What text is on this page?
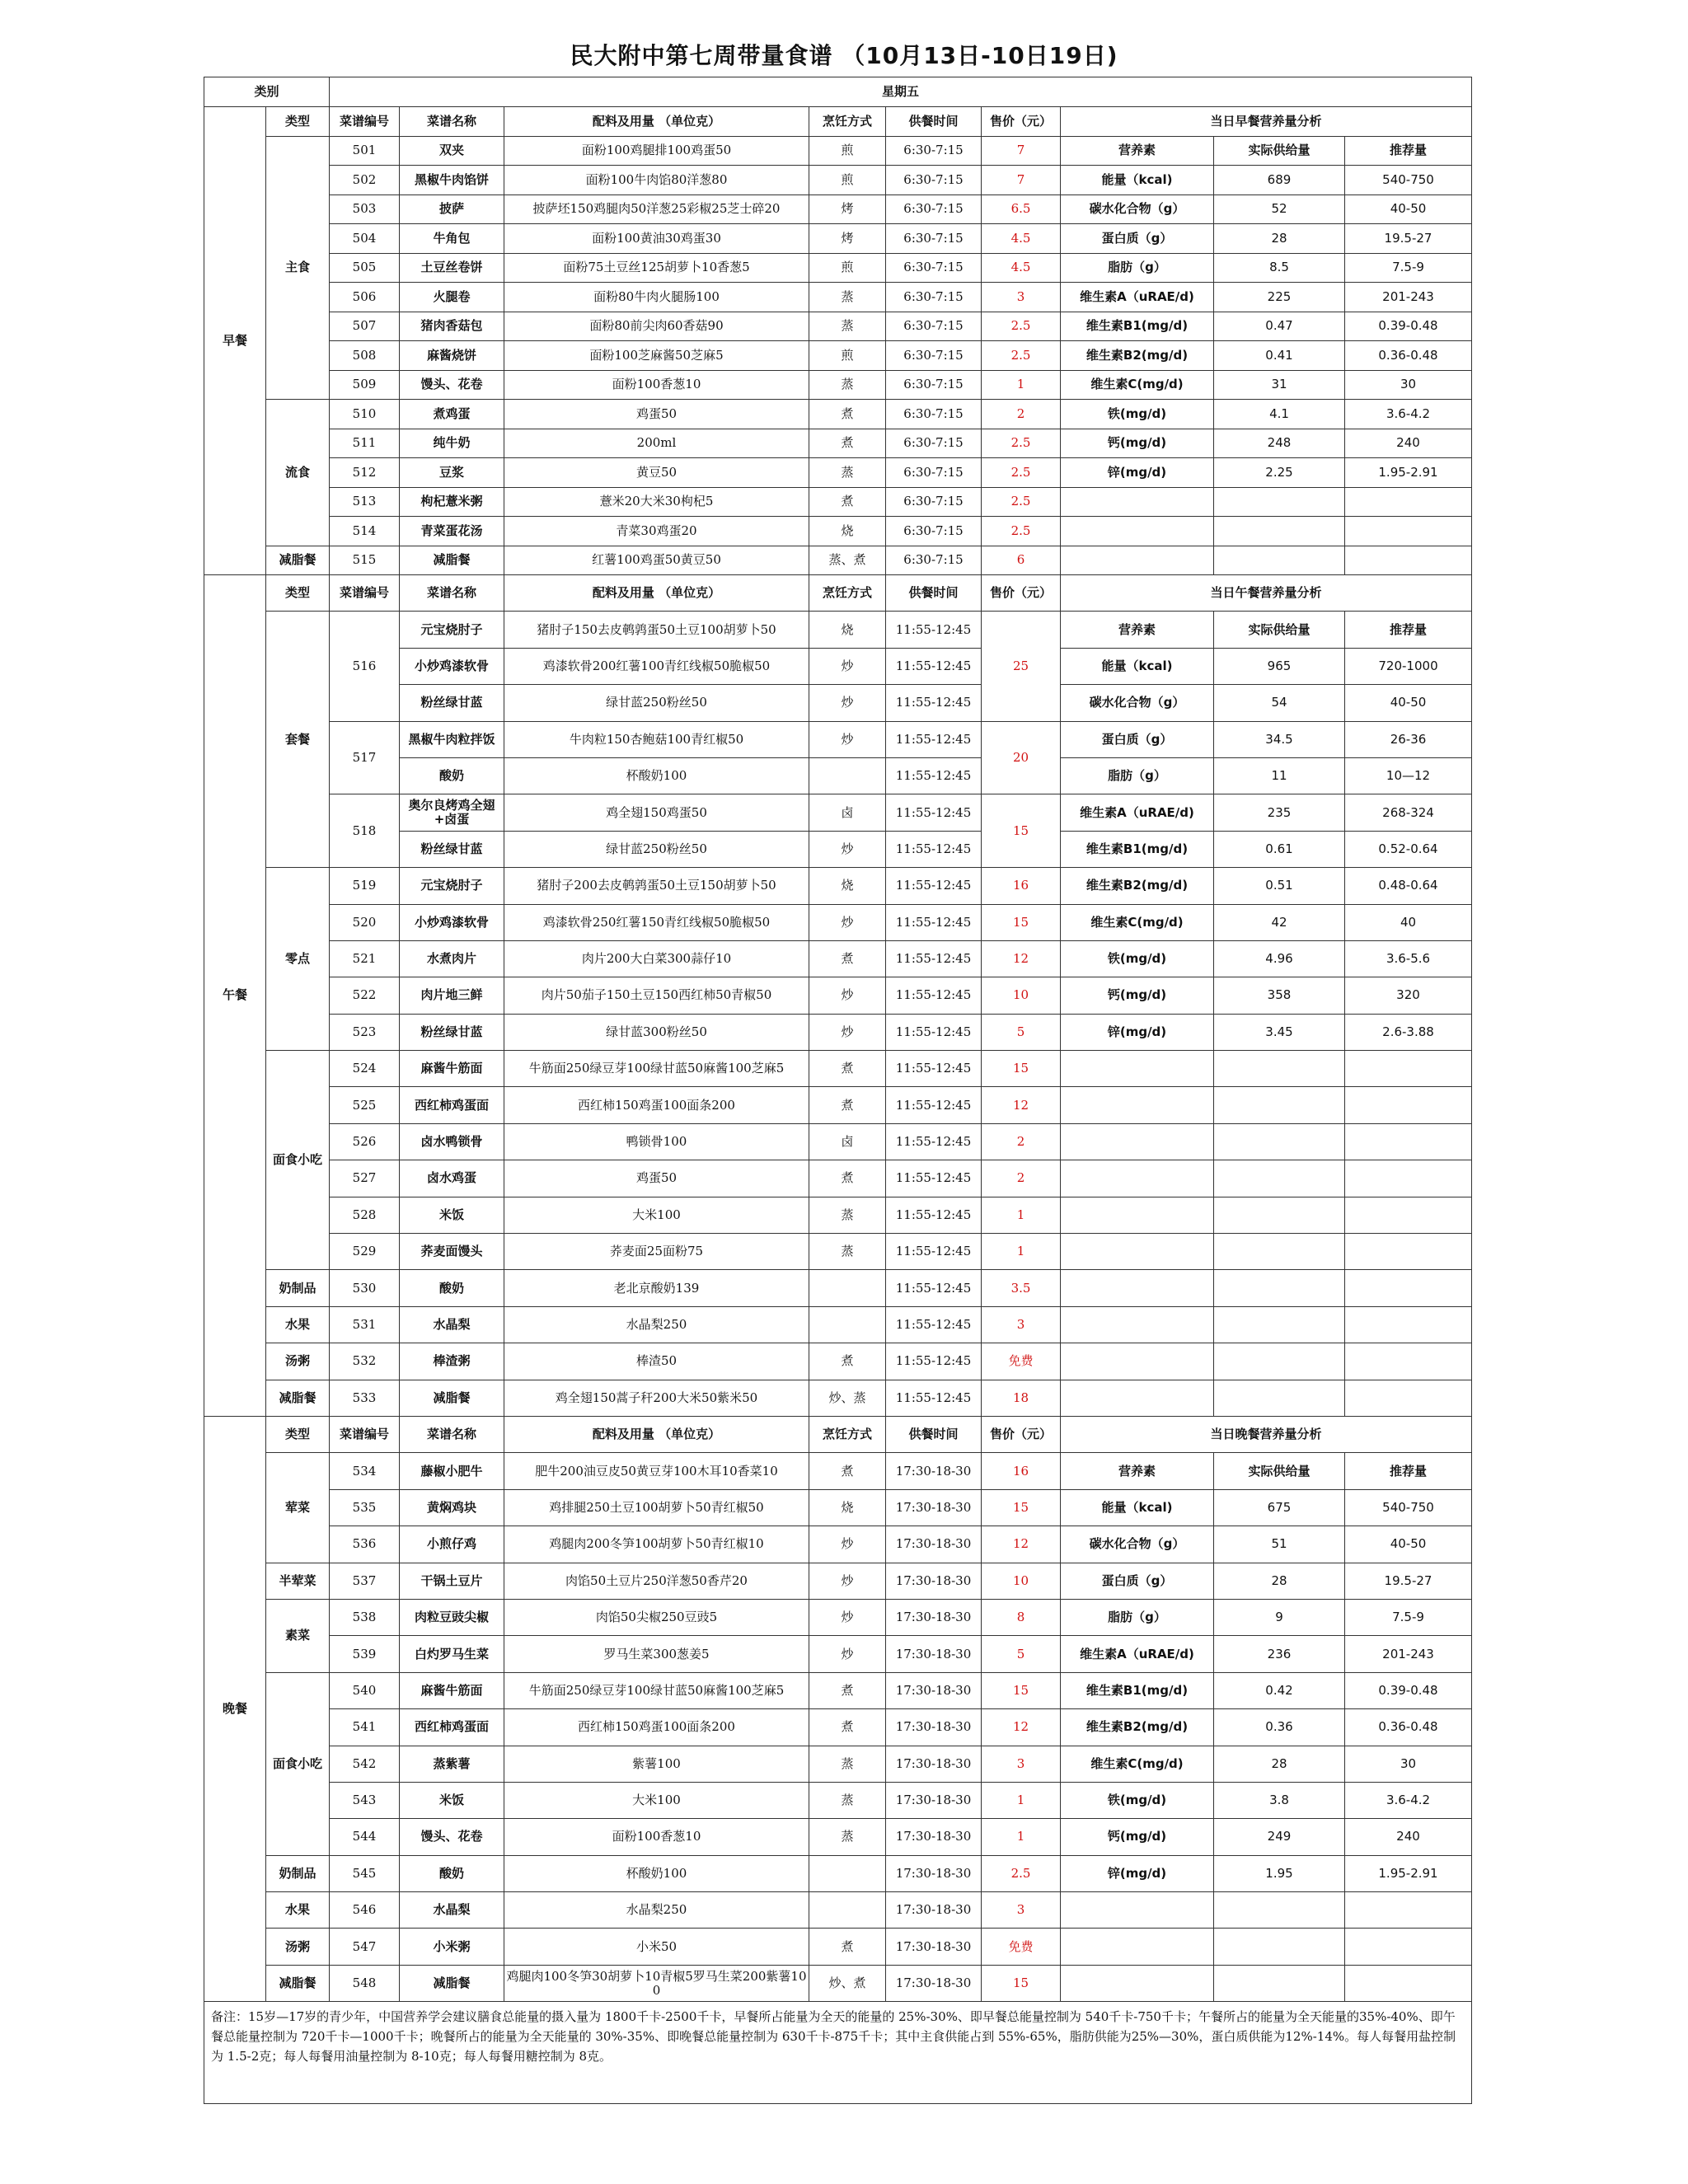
民大附中第七周带量食谱 （10月13日-10日19日)
类别		星期五								
早餐	类型	菜谱编号	菜谱名称	配料及用量 （单位克）	烹饪方式	供餐时间	售价（元）	当日早餐营养量分析		
	主食	501	双夹	面粉100鸡腿排100鸡蛋50	煎	6:30-7:15	7	营养素	实际供给量	推荐量
		502	黑椒牛肉馅饼	面粉100牛肉馅80洋葱80	煎	6:30-7:15	7	能量（kcal)	689	540-750
		503	披萨	披萨坯150鸡腿肉50洋葱25彩椒25芝士碎20	烤	6:30-7:15	6.5	碳水化合物（g）	52	40-50
		504	牛角包	面粉100黄油30鸡蛋30	烤	6:30-7:15	4.5	蛋白质（g）	28	19.5-27
		505	土豆丝卷饼	面粉75土豆丝125胡萝卜10香葱5	煎	6:30-7:15	4.5	脂肪（g）	8.5	7.5-9
		506	火腿卷	面粉80牛肉火腿肠100	蒸	6:30-7:15	3	维生素A（uRAE/d)	225	201-243
		507	猪肉香菇包	面粉80前尖肉60香菇90	蒸	6:30-7:15	2.5	维生素B1(mg/d)	0.47	0.39-0.48
		508	麻酱烧饼	面粉100芝麻酱50芝麻5	煎	6:30-7:15	2.5	维生素B2(mg/d)	0.41	0.36-0.48
		509	馒头、花卷	面粉100香葱10	蒸	6:30-7:15	1	维生素C(mg/d)	31	30
	流食	510	煮鸡蛋	鸡蛋50	煮	6:30-7:15	2	铁(mg/d)	4.1	3.6-4.2
		511	纯牛奶	200ml	煮	6:30-7:15	2.5	钙(mg/d)	248	240
		512	豆浆	黄豆50	蒸	6:30-7:15	2.5	锌(mg/d)	2.25	1.95-2.91
		513	枸杞薏米粥	薏米20大米30枸杞5	煮	6:30-7:15	2.5			
		514	青菜蛋花汤	青菜30鸡蛋20	烧	6:30-7:15	2.5			
	减脂餐	515	减脂餐	红薯100鸡蛋50黄豆50	蒸、煮	6:30-7:15	6			
午餐	类型	菜谱编号	菜谱名称	配料及用量 （单位克）	烹饪方式	供餐时间	售价（元）	当日午餐营养量分析		
	套餐	516	元宝烧肘子	猪肘子150去皮鹌鹑蛋50土豆100胡萝卜50	烧	11:55-12:45	25	营养素	实际供给量	推荐量
			小炒鸡漆软骨	鸡漆软骨200红薯100青红线椒50脆椒50	炒	11:55-12:45		能量（kcal)	965	720-1000
			粉丝绿甘蓝	绿甘蓝250粉丝50	炒	11:55-12:45		碳水化合物（g）	54	40-50
		517	黑椒牛肉粒拌饭	牛肉粒150杏鲍菇100青红椒50	炒	11:55-12:45	20	蛋白质（g）	34.5	26-36
			酸奶	杯酸奶100		11:55-12:45		脂肪（g）	11	10—12
		518	奥尔良烤鸡全翅+卤蛋	鸡全翅150鸡蛋50	卤	11:55-12:45	15	维生素A（uRAE/d)	235	268-324
			粉丝绿甘蓝	绿甘蓝250粉丝50	炒	11:55-12:45		维生素B1(mg/d)	0.61	0.52-0.64
	零点	519	元宝烧肘子	猪肘子200去皮鹌鹑蛋50土豆150胡萝卜50	烧	11:55-12:45	16	维生素B2(mg/d)	0.51	0.48-0.64
		520	小炒鸡漆软骨	鸡漆软骨250红薯150青红线椒50脆椒50	炒	11:55-12:45	15	维生素C(mg/d)	42	40
		521	水煮肉片	肉片200大白菜300蒜仔10	煮	11:55-12:45	12	铁(mg/d)	4.96	3.6-5.6
		522	肉片地三鲜	肉片50茄子150土豆150西红柿50青椒50	炒	11:55-12:45	10	钙(mg/d)	358	320
		523	粉丝绿甘蓝	绿甘蓝300粉丝50	炒	11:55-12:45	5	锌(mg/d)	3.45	2.6-3.88
	面食小吃	524	麻酱牛筋面	牛筋面250绿豆芽100绿甘蓝50麻酱100芝麻5	煮	11:55-12:45	15			
		525	西红柿鸡蛋面	西红柿150鸡蛋100面条200	煮	11:55-12:45	12			
		526	卤水鸭锁骨	鸭锁骨100	卤	11:55-12:45	2			
		527	卤水鸡蛋	鸡蛋50	煮	11:55-12:45	2			
		528	米饭	大米100	蒸	11:55-12:45	1			
		529	荞麦面馒头	荞麦面25面粉75	蒸	11:55-12:45	1			
	奶制品	530	酸奶	老北京酸奶139		11:55-12:45	3.5			
	水果	531	水晶梨	水晶梨250		11:55-12:45	3			
	汤粥	532	棒渣粥	棒渣50	煮	11:55-12:45	免费			
	减脂餐	533	减脂餐	鸡全翅150蒿子秆200大米50紫米50	炒、蒸	11:55-12:45	18			
晚餐	类型	菜谱编号	菜谱名称	配料及用量 （单位克）	烹饪方式	供餐时间	售价（元）	当日晚餐营养量分析		
	荤菜	534	藤椒小肥牛	肥牛200油豆皮50黄豆芽100木耳10香菜10	煮	17:30-18-30	16	营养素	实际供给量	推荐量
		535	黄焖鸡块	鸡排腿250土豆100胡萝卜50青红椒50	烧	17:30-18-30	15	能量（kcal)	675	540-750
		536	小煎仔鸡	鸡腿肉200冬笋100胡萝卜50青红椒10	炒	17:30-18-30	12	碳水化合物（g）	51	40-50
	半荤菜	537	干锅土豆片	肉馅50土豆片250洋葱50香芹20	炒	17:30-18-30	10	蛋白质（g）	28	19.5-27
	素菜	538	肉粒豆豉尖椒	肉馅50尖椒250豆豉5	炒	17:30-18-30	8	脂肪（g）	9	7.5-9
		539	白灼罗马生菜	罗马生菜300葱姜5	炒	17:30-18-30	5	维生素A（uRAE/d)	236	201-243
	面食小吃	540	麻酱牛筋面	牛筋面250绿豆芽100绿甘蓝50麻酱100芝麻5	煮	17:30-18-30	15	维生素B1(mg/d)	0.42	0.39-0.48
		541	西红柿鸡蛋面	西红柿150鸡蛋100面条200	煮	17:30-18-30	12	维生素B2(mg/d)	0.36	0.36-0.48
		542	蒸紫薯	紫薯100	蒸	17:30-18-30	3	维生素C(mg/d)	28	30
		543	米饭	大米100	蒸	17:30-18-30	1	铁(mg/d)	3.8	3.6-4.2
		544	馒头、花卷	面粉100香葱10	蒸	17:30-18-30	1	钙(mg/d)	249	240
	奶制品	545	酸奶	杯酸奶100		17:30-18-30	2.5	锌(mg/d)	1.95	1.95-2.91
	水果	546	水晶梨	水晶梨250		17:30-18-30	3			
	汤粥	547	小米粥	小米50	煮	17:30-18-30	免费			
	减脂餐	548	减脂餐	鸡腿肉100冬笋30胡萝卜10青椒5罗马生菜200紫薯100	炒、煮	17:30-18-30	15			
备注：15岁—17岁的青少年，中国营养学会建议膳食总能量的摄入量为 1800千卡-2500千卡，早餐所占能量为全天的能量的 25%-30%、即早餐总能量控制为 540千卡-750千卡；午餐所占的能量为全天能量的35%-40%、即午餐总能量控制为 720千卡—1000千卡；晚餐所占的能量为全天能量的 30%-35%、即晚餐总能量控制为 630千卡-875千卡；其中主食供能占到 55%-65%，脂肪供能为25%—30%，蛋白质供能为12%-14%。每人每餐用盐控制为 1.5-2克；每人每餐用油量控制为 8-10克；每人每餐用糖控制为 8克。										
